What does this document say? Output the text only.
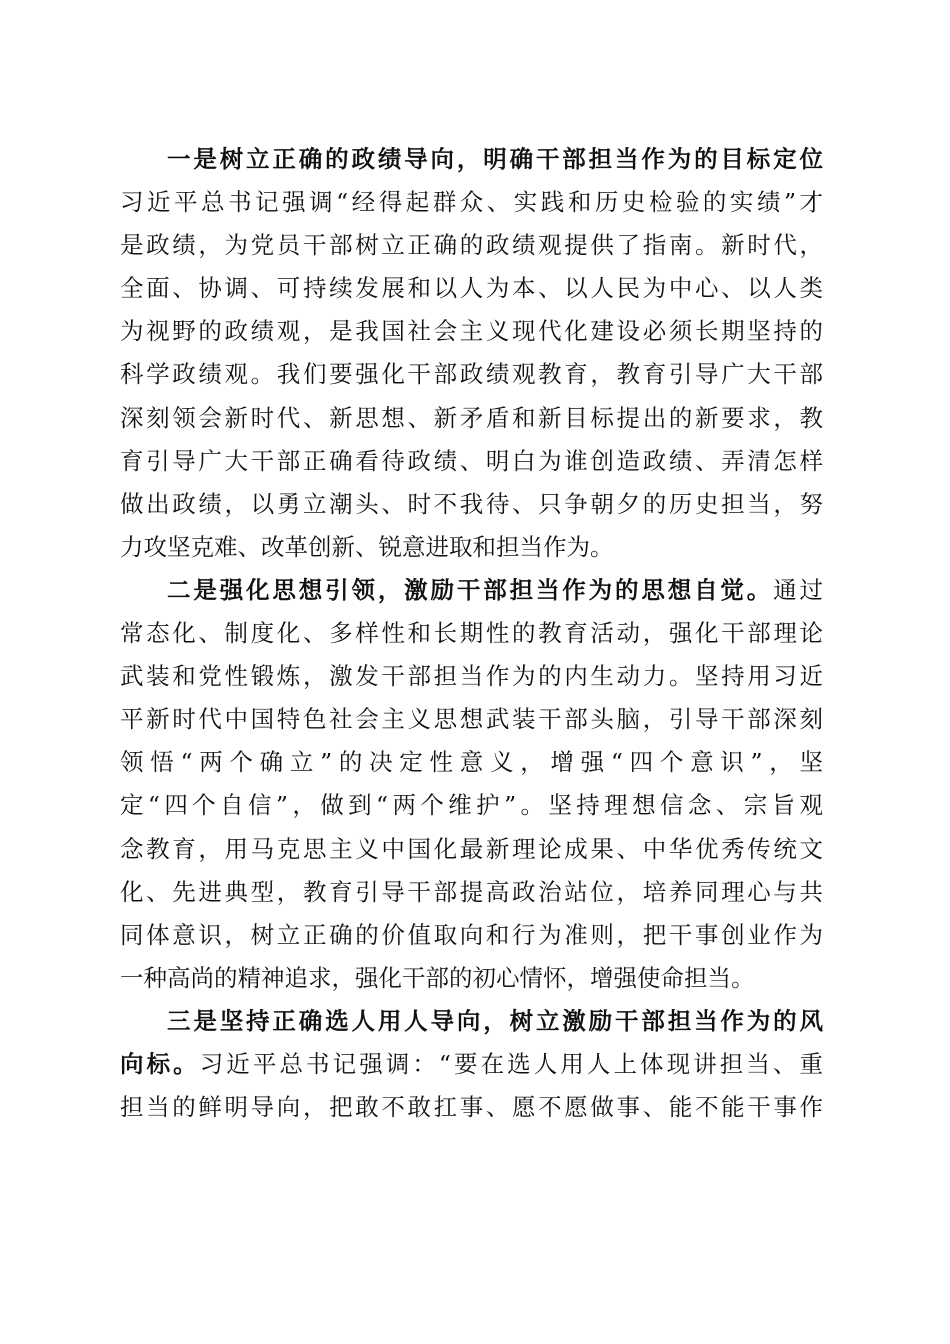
一是树立正确的政绩导向，明确干部担当作为的目标定位
习近平总书记强调“经得起群众、实践和历史检验的实绩”才
是政绩，为党员干部树立正确的政绩观提供了指南。新时代，
全面、协调、可持续发展和以人为本、以人民为中心、以人类
为视野的政绩观，是我国社会主义现代化建设必须长期坚持的
科学政绩观。我们要强化干部政绩观教育，教育引导广大干部
深刻领会新时代、新思想、新矛盾和新目标提出的新要求，教
育引导广大干部正确看待政绩、明白为谁创造政绩、弄清怎样
做出政绩，以勇立潮头、时不我待、只争朝夕的历史担当，努
力攻坚克难、改革创新、锐意进取和担当作为。
二是强化思想引领，激励干部担当作为的思想自觉。通过
常态化、制度化、多样性和长期性的教育活动，强化干部理论
武装和党性锻炼，激发干部担当作为的内生动力。坚持用习近
平新时代中国特色社会主义思想武装干部头脑，引导干部深刻
领悟“两个确立”的决定性意义，增强“四个意识”，坚
定“四个自信”，做到“两个维护”。坚持理想信念、宗旨观
念教育，用马克思主义中国化最新理论成果、中华优秀传统文
化、先进典型，教育引导干部提高政治站位，培养同理心与共
同体意识，树立正确的价值取向和行为准则，把干事创业作为
一种高尚的精神追求，强化干部的初心情怀，增强使命担当。
三是坚持正确选人用人导向，树立激励干部担当作为的风
向标。习近平总书记强调：“要在选人用人上体现讲担当、重
担当的鲜明导向，把敢不敢扛事、愿不愿做事、能不能干事作
